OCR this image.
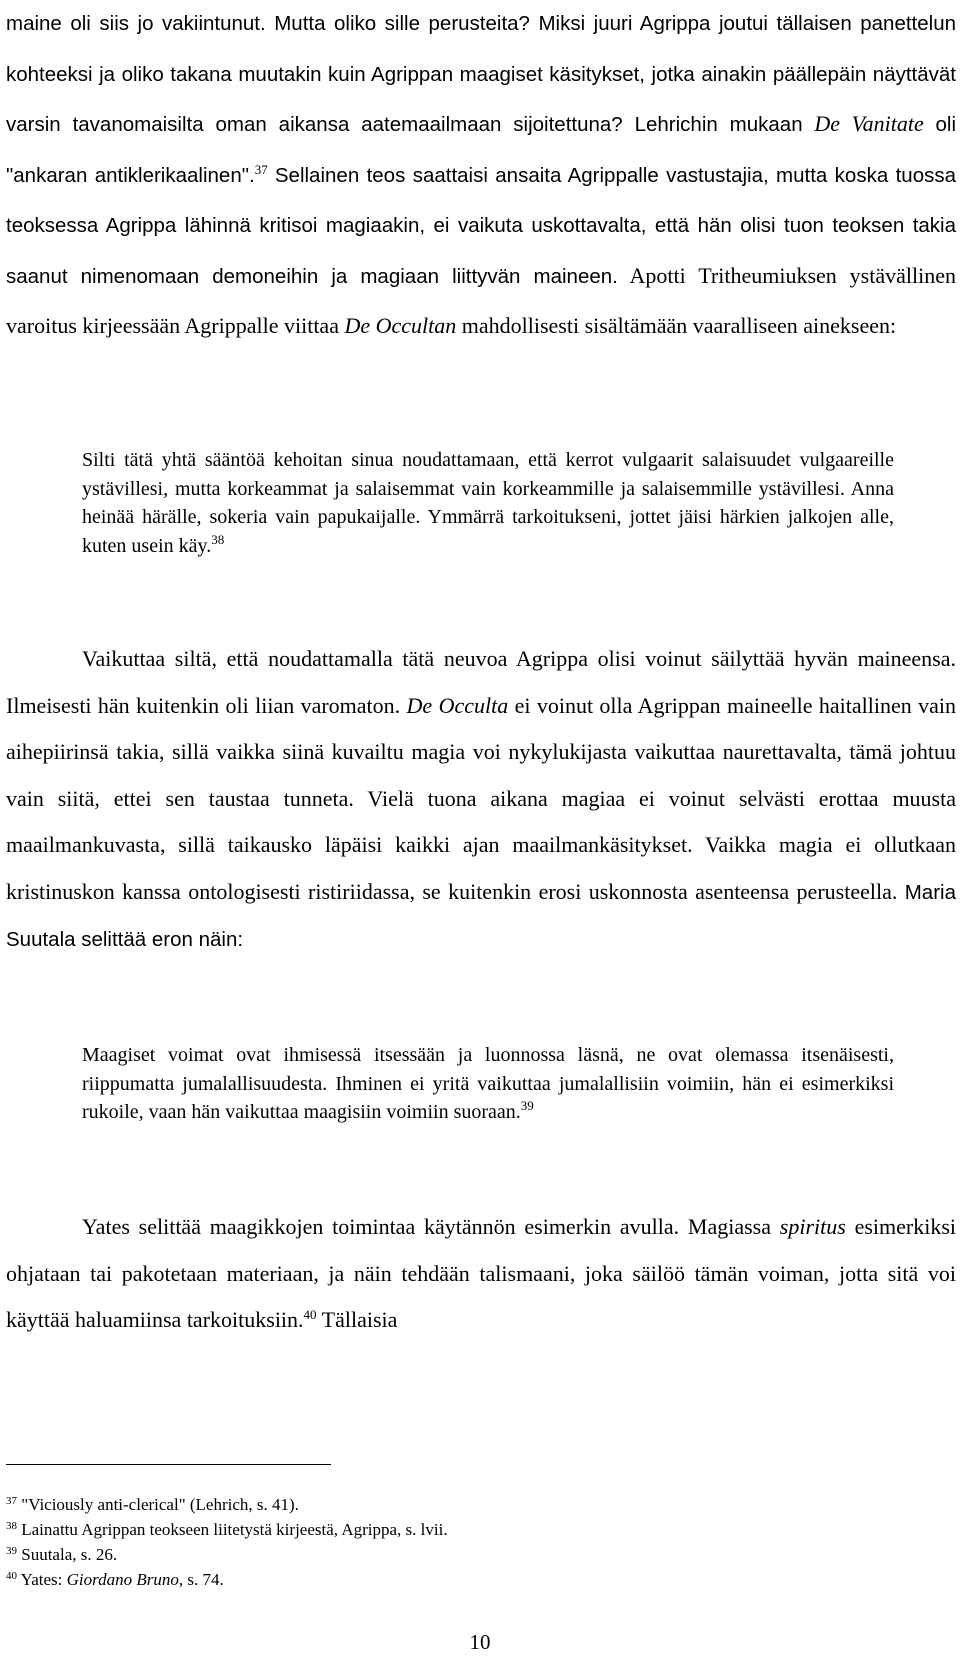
maine oli siis jo vakiintunut. Mutta oliko sille perusteita? Miksi juuri Agrippa joutui tällaisen panettelun kohteeksi ja oliko takana muutakin kuin Agrippan maagiset käsitykset, jotka ainakin päällepäin näyttävät varsin tavanomaisilta oman aikansa aatemaailmaan sijoitettuna? Lehrichin mukaan De Vanitate oli "ankaran antiklerikaalinen".$^{37}$ Sellainen teos saattaisi ansaita Agrippalle vastustajia, mutta koska tuossa teoksessa Agrippa lähinnä kritisoi magiaakin, ei vaikuta uskottavalta, että hän olisi tuon teoksen takia saanut nimenomaan demoneihin ja magiaan liittyvän maineen. Apotti Tritheumiuksen ystävällinen varoitus kirjeessään Agrippalle viittaa De Occultan mahdollisesti sisältämään vaaralliseen ainekseen:

Silti tätä yhtä sääntöä kehoitan sinua noudattamaan, että kerrot vulgaarit salaisuudet vulgaareille ystävillesi, mutta korkeammat ja salaisemmat vain korkeammille ja salaisemmille ystävillesi. Anna heinää härälle, sokeria vain papukaijalle. Ymmärrä tarkoitukseni, jottet jäisi härkien jalkojen alle, kuten usein käy.$^{38}$

Vaikuttaa siltä, että noudattamalla tätä neuvoa Agrippa olisi voinut säilyttää hyvän maineensa. Ilmeisesti hän kuitenkin oli liian varomaton. De Occulta ei voinut olla Agrippan maineelle haitallinen vain aihepiirinsä takia, sillä vaikka siinä kuvailtu magia voi nykylukijasta vaikuttaa naurettavalta, tämä johtuu vain siitä, ettei sen taustaa tunneta. Vielä tuona aikana magiaa ei voinut selvästi erottaa muusta maailmankuvasta, sillä taikausko läpäisi kaikki ajan maailmankäsitykset. Vaikka magia ei ollutkaan kristinuskon kanssa ontologisesti ristiriidassa, se kuitenkin erosi uskonnosta asenteensa perusteella. Maria Suutala selittää eron näin:

Maagiset voimat ovat ihmisessä itsessään ja luonnossa läsnä, ne ovat olemassa itsenäisesti, riippumatta jumalallisuudesta. Ihminen ei yritä vaikuttaa jumalallisiin voimiin, hän ei esimerkiksi rukoile, vaan hän vaikuttaa maagisiin voimiin suoraan.$^{39}$

Yates selittää maagikkojen toimintaa käytännön esimerkin avulla. Magiassa spiritus esimerkiksi ohjataan tai pakotetaan materiaan, ja näin tehdään talismaani, joka säilöö tämän voiman, jotta sitä voi käyttää haluamiinsa tarkoituksiin.$^{40}$ Tällaisia

$^{37}$ "Viciously anti-clerical" (Lehrich, s. 41).

$^{38}$ Lainattu Agrippan teokseen liitetystä kirjeestä, Agrippa, s. lvii.

$^{39}$ Suutala, s. 26.

$^{40}$ Yates: Giordano Bruno, s. 74.

10
